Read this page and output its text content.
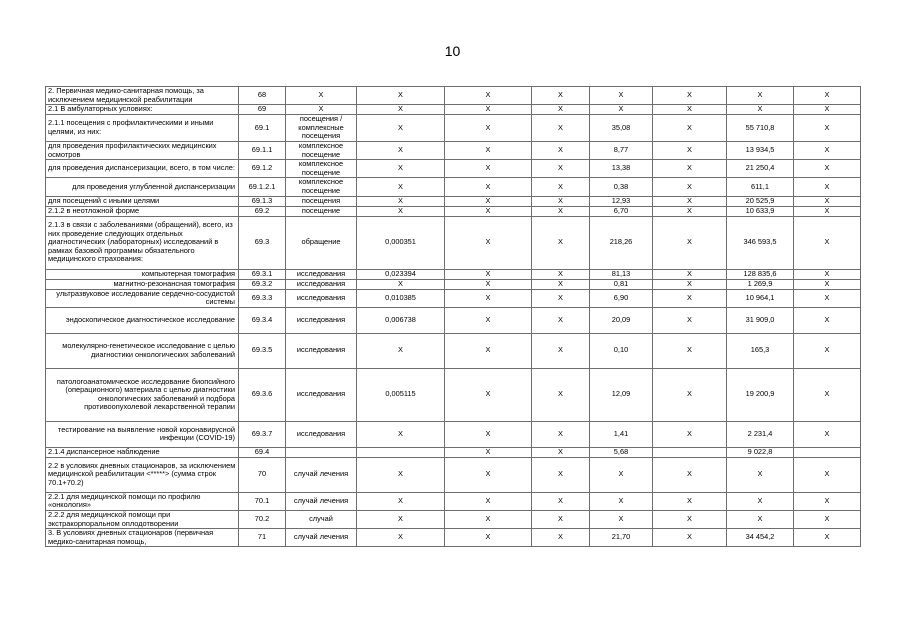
10
2. Первичная медико-санитарная помощь, за исключением медицинской реабилитации	68	Х	Х	Х	Х	Х	Х	Х	Х
2.1 В амбулаторных условиях:	69	Х	Х	Х	Х	Х	Х	Х	Х
2.1.1 посещения с профилактическими и иными целями, из них:	69.1	посещения / комплексные посещения	Х	Х	Х	35,08	Х	55 710,8	Х
для проведения профилактических медицинских осмотров	69.1.1	комплексное посещение	Х	Х	Х	8,77	Х	13 934,5	Х
для проведения диспансеризации, всего, в том числе:	69.1.2	комплексное посещение	Х	Х	Х	13,38	Х	21 250,4	Х
для проведения углубленной диспансеризации	69.1.2.1	комплексное посещение	Х	Х	Х	0,38	Х	611,1	Х
для посещений с иными целями	69.1.3	посещения	Х	Х	Х	12,93	Х	20 525,9	Х
2.1.2 в неотложной форме	69.2	посещение	Х	Х	Х	6,70	Х	10 633,9	Х
2.1.3 в связи с заболеваниями (обращений), всего, из них проведение следующих отдельных диагностических (лабораторных) исследований в рамках базовой программы обязательного медицинского страхования:	69.3	обращение	0,000351	Х	Х	218,26	Х	346 593,5	Х
компьютерная томография	69.3.1	исследования	0,023394	Х	Х	81,13	Х	128 835,6	Х
магнитно-резонансная томография	69.3.2	исследования	Х	Х	Х	0,81	Х	1 269,9	Х
ультразвуковое исследование сердечно-сосудистой системы	69.3.3	исследования	0,010385	Х	Х	6,90	Х	10 964,1	Х
эндоскопическое диагностическое исследование	69.3.4	исследования	0,006738	Х	Х	20,09	Х	31 909,0	Х
молекулярно-генетическое исследование с целью диагностики онкологических заболеваний	69.3.5	исследования	Х	Х	Х	0,10	Х	165,3	Х
патологоанатомическое исследование биопсийного (операционного) материала с целью диагностики онкологических заболеваний и подбора противоопухолевой лекарственной терапии	69.3.6	исследования	0,005115	Х	Х	12,09	Х	19 200,9	Х
тестирование на выявление новой коронавирусной инфекции (COVID-19)	69.3.7	исследования	Х	Х	Х	1,41	Х	2 231,4	Х
2.1.4 диспансерное наблюдение	69.4			Х	Х	5,68		9 022,8	
2.2 в условиях дневных стационаров, за исключением медицинской реабилитации <*****> (сумма строк 70.1+70.2)	70	случай лечения	Х	Х	Х	Х	Х	Х	Х
2.2.1 для медицинской помощи по профилю «онкология»	70.1	случай лечения	Х	Х	Х	Х	Х	Х	Х
2.2.2 для медицинской помощи при экстракорпоральном оплодотворении	70.2	случай	Х	Х	Х	Х	Х	Х	Х
3. В условиях дневных стационаров (первичная медико-санитарная помощь,	71	случай лечения	Х	Х	Х	21,70	Х	34 454,2	Х
